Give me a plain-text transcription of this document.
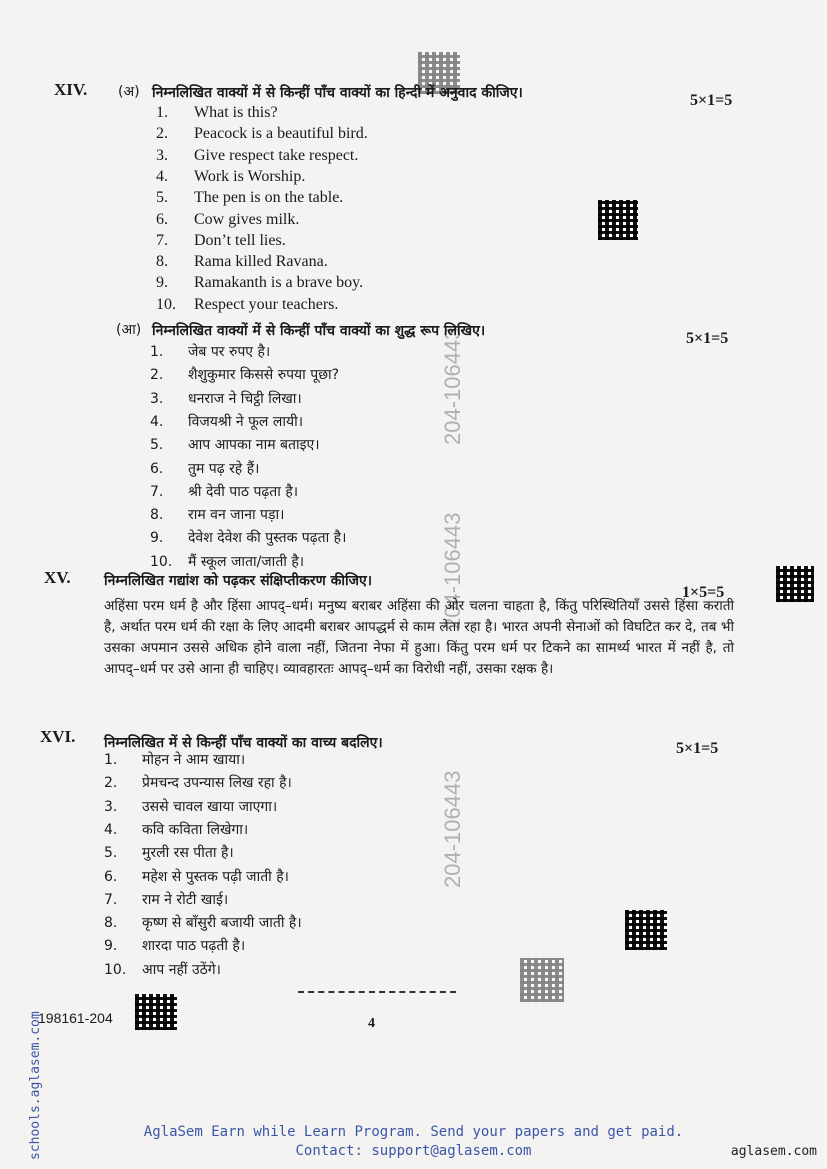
204-106443
204-106443
204-106443
XIV. (अ) निम्नलिखित वाक्यों में से किन्हीं पाँच वाक्यों का हिन्दी में अनुवाद कीजिए।	5×1=5
1. What is this?
2. Peacock is a beautiful bird.
3. Give respect take respect.
4. Work is Worship.
5. The pen is on the table.
6. Cow gives milk.
7. Don’t tell lies.
8. Rama killed Ravana.
9. Ramakanth is a brave boy.
10. Respect your teachers.
(आ) निम्नलिखित वाक्यों में से किन्हीं पाँच वाक्यों का शुद्ध रूप लिखिए।	5×1=5
1. जेब पर रुपए है।
2. शैशुकुमार किससे रुपया पूछा?
3. धनराज ने चिट्ठी लिखा।
4. विजयश्री ने फूल लायी।
5. आप आपका नाम बताइए।
6. तुम पढ़ रहे हैं।
7. श्री देवी पाठ पढ़ता है।
8. राम वन जाना पड़ा।
9. देवेश देवेश की पुस्तक पढ़ता है।
10. मैं स्कूल जाता/जाती है।
XV. निम्नलिखित गद्यांश को पढ़कर संक्षिप्तीकरण कीजिए।
1×5=5
अहिंसा परम धर्म है और हिंसा आपद्–धर्म। मनुष्य बराबर अहिंसा की ओर चलना चाहता है, किंतु परिस्थितियाँ उससे हिंसा कराती है, अर्थात परम धर्म की रक्षा के लिए आदमी बराबर आपद्धर्म से काम लेता रहा है। भारत अपनी सेनाओं को विघटित कर दे, तब भी उसका अपमान उससे अधिक होने वाला नहीं, जितना नेफा में हुआ। किंतु परम धर्म पर टिकने का सामर्थ्य भारत में नहीं है, तो आपद्–धर्म पर उसे आना ही चाहिए। व्यावहारतः आपद्–धर्म का विरोधी नहीं, उसका रक्षक है।
XVI. निम्नलिखित में से किन्हीं पाँच वाक्यों का वाच्य बदलिए।	5×1=5
1. मोहन ने आम खाया।
2. प्रेमचन्द उपन्यास लिख रहा है।
3. उससे चावल खाया जाएगा।
4. कवि कविता लिखेगा।
5. मुरली रस पीता है।
6. महेश से पुस्तक पढ़ी जाती है।
7. राम ने रोटी खाई।
8. कृष्ण से बाँसुरी बजायी जाती है।
9. शारदा पाठ पढ़ती है।
10. आप नहीं उठेंगे।
198161-204	4
schools.aglasem.com	AglaSem Earn while Learn Program. Send your papers and get paid.
Contact: support@aglasem.com	aglasem.com
